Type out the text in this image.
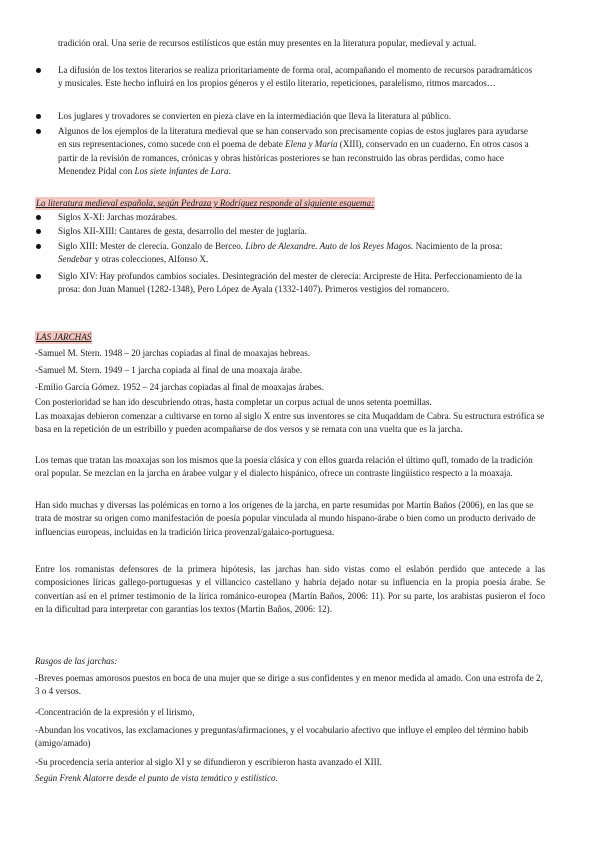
tradición oral. Una serie de recursos estilísticos que están muy presentes en la literatura popular, medieval y actual.

La difusión de los textos literarios se realiza prioritariamente de forma oral, acompañando el momento de recursos paradramáticos y musicales. Este hecho influirá en los propios géneros y el estilo literario, repeticiones, paralelismo, ritmos marcados…

Los juglares y trovadores se convierten en pieza clave en la intermediación que lleva la literatura al público.

Algunos de los ejemplos de la literatura medieval que se han conservado son precisamente copias de estos juglares para ayudarse en sus representaciones, como sucede con el poema de debate Elena y María (XIII), conservado en un cuaderno. En otros casos a partir de la revisión de romances, crónicas y obras históricas posteriores se han reconstruido las obras perdidas, como hace Menendez Pidal con Los siete infantes de Lara.

La literatura medieval española, según Pedraza y Rodríguez responde al siguiente esquema:

Siglos X-XI: Jarchas mozárabes.

Siglos XII-XIII: Cantares de gesta, desarrollo del mester de juglaría.

Siglo XIII: Mester de clerecía. Gonzalo de Berceo. Libro de Alexandre. Auto de los Reyes Magos. Nacimiento de la prosa: Sendebar y otras colecciones, Alfonso X.

Siglo XIV: Hay profundos cambios sociales. Desintegración del mester de clerecía: Arcipreste de Hita. Perfeccionamiento de la prosa: don Juan Manuel (1282-1348), Pero López de Ayala (1332-1407). Primeros vestigios del romancero.

LAS JARCHAS

-Samuel M. Stern. 1948 – 20 jarchas copiadas al final de moaxajas hebreas.

-Samuel M. Stern. 1949 – 1 jarcha copiada al final de una moaxaja árabe.

-Emilio García Gómez. 1952 – 24 jarchas copiadas al final de moaxajas árabes.

Con posterioridad se han ido descubriendo otras, hasta completar un corpus actual de unos setenta poemillas.

Las moaxajas debieron comenzar a cultivarse en torno al siglo X entre sus inventores se cita Muqaddam de Cabra. Su estructura estrófica se basa en la repetición de un estribillo y pueden acompañarse de dos versos y se remata con una vuelta que es la jarcha.

Los temas que tratan las moaxajas son los mismos que la poesía clásica y con ellos guarda relación el último qufl, tomado de la tradición oral popular. Se mezclan en la jarcha en árabee vulgar y el dialecto hispánico, ofrece un contraste lingüístico respecto a la moaxaja.

Han sido muchas y diversas las polémicas en torno a los orígenes de la jarcha, en parte resumidas por Martín Baños (2006), en las que se trata de mostrar su origen como manifestación de poesía popular vinculada al mundo hispano-árabe o bien como un producto derivado de influencias europeas, incluidas en la tradición lírica provenzal/galaico-portuguesa.

Entre los romanistas defensores de la primera hipótesis, las jarchas han sido vistas como el eslabón perdido que antecede a las composiciones líricas gallego-portuguesas y el villancico castellano y habría dejado notar su influencia en la propia poesía árabe. Se convertían así en el primer testimonio de la lírica románico-europea (Martín Baños, 2006: 11). Por su parte, los arabistas pusieron el foco en la dificultad para interpretar con garantías los textos (Martín Baños, 2006: 12).

Rasgos de las jarchas:

-Breves poemas amorosos puestos en boca de una mujer que se dirige a sus confidentes y en menor medida al amado. Con una estrofa de 2, 3 o 4 versos.

-Concentración de la expresión y el lirismo,

-Abundan los vocativos, las exclamaciones y preguntas/afirmaciones, y el vocabulario afectivo que influye el empleo del término habib (amigo/amado)

-Su procedencia sería anterior al siglo XI y se difundieron y escribieron hasta avanzado el XIII.

Según Frenk Alatorre desde el punto de vista temático y estilístico.
